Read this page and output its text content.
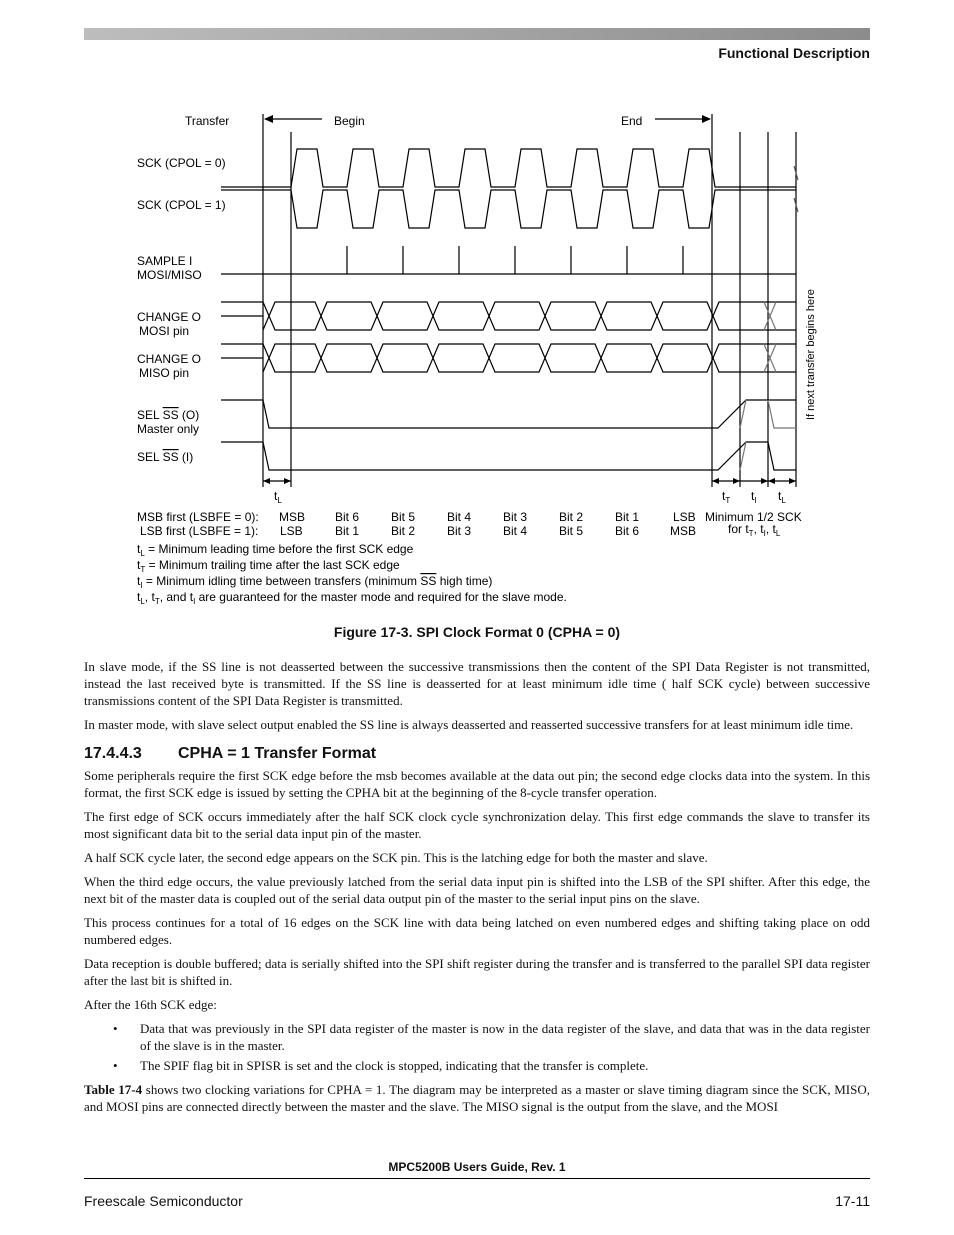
Functional Description
Transfer	Begin	End
SCK (CPOL = 0)
SCK (CPOL = 1)
SAMPLE I
MOSI/MISO
CHANGE O
MOSI pin
CHANGE O
MISO pin
SEL SS (O)
Master only
SEL SS (I)
If next transfer begins here
$t_L$	$t_T$ $t_I$ $t_L$
MSB first (LSBFE = 0): MSB Bit 6	Bit 5	Bit 4	Bit 3	Bit 2	Bit 1	LSB
LSB first (LSBFE = 1): LSB	Bit 1	Bit 2	Bit 3	Bit 4	Bit 5	Bit 6	MSB
Minimum 1/2 SCK
for $t_T$, $t_I$, $t_L$
$t_L$ = Minimum leading time before the first SCK edge
$t_T$ = Minimum trailing time after the last SCK edge
$t_I$ = Minimum idling time between transfers (minimum SS high time)
$t_L$, $t_T$, and $t_I$ are guaranteed for the master mode and required for the slave mode.
Figure 17-3. SPI Clock Format 0 (CPHA = 0)

In slave mode, if the SS line is not deasserted between the successive transmissions then the content of the SPI Data Register is not transmitted, instead the last received byte is transmitted. If the SS line is deasserted for at least minimum idle time ( half SCK cycle) between successive transmissions content of the SPI Data Register is transmitted.

In master mode, with slave select output enabled the SS line is always deasserted and reasserted successive transfers for at least minimum idle time.

17.4.4.3 CPHA = 1 Transfer Format

Some peripherals require the first SCK edge before the msb becomes available at the data out pin; the second edge clocks data into the system. In this format, the first SCK edge is issued by setting the CPHA bit at the beginning of the 8-cycle transfer operation.

The first edge of SCK occurs immediately after the half SCK clock cycle synchronization delay. This first edge commands the slave to transfer its most significant data bit to the serial data input pin of the master.

A half SCK cycle later, the second edge appears on the SCK pin. This is the latching edge for both the master and slave.

When the third edge occurs, the value previously latched from the serial data input pin is shifted into the LSB of the SPI shifter. After this edge, the next bit of the master data is coupled out of the serial data output pin of the master to the serial input pins on the slave.

This process continues for a total of 16 edges on the SCK line with data being latched on even numbered edges and shifting taking place on odd numbered edges.

Data reception is double buffered; data is serially shifted into the SPI shift register during the transfer and is transferred to the parallel SPI data register after the last bit is shifted in.

After the 16th SCK edge:

• Data that was previously in the SPI data register of the master is now in the data register of the slave, and data that was in the data register of the slave is in the master.
• The SPIF flag bit in SPISR is set and the clock is stopped, indicating that the transfer is complete.

Table 17-4 shows two clocking variations for CPHA = 1. The diagram may be interpreted as a master or slave timing diagram since the SCK, MISO, and MOSI pins are connected directly between the master and the slave. The MISO signal is the output from the slave, and the MOSI

MPC5200B Users Guide, Rev. 1
Freescale Semiconductor	17-11
